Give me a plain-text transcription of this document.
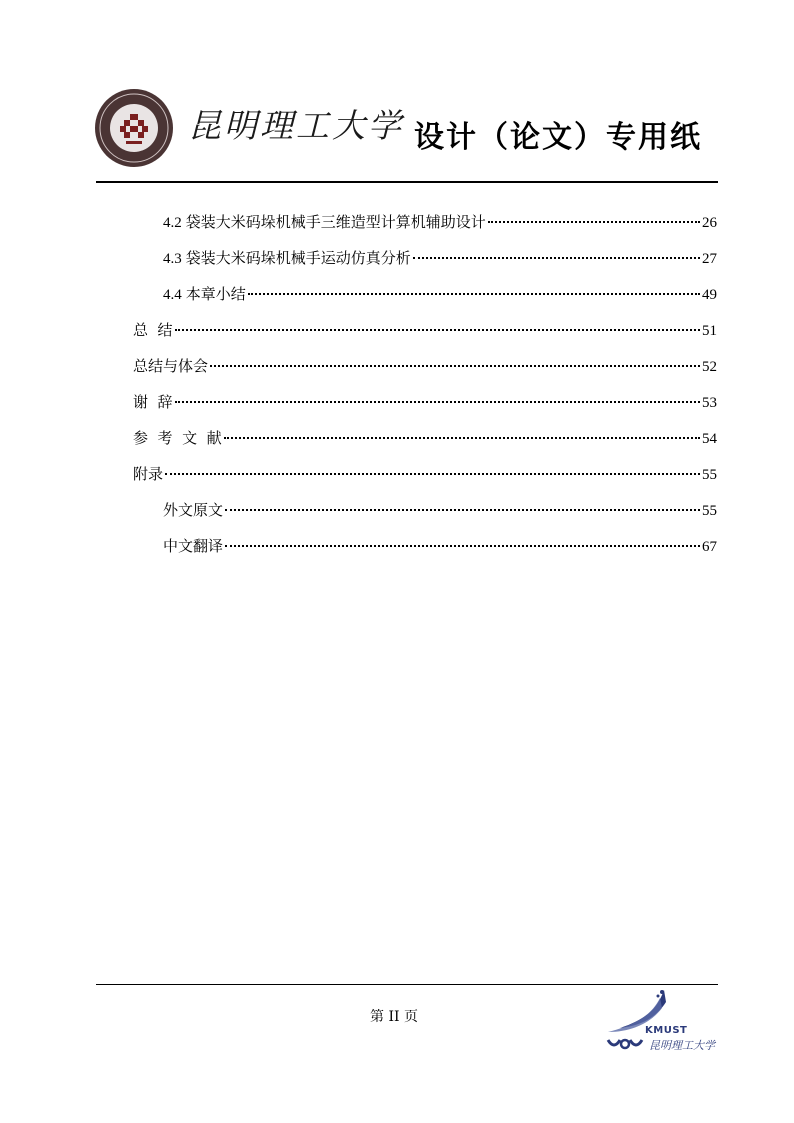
昆明理工大学 设计（论文）专用纸
4.2 袋装大米码垛机械手三维造型计算机辅助设计	26
4.3 袋装大米码垛机械手运动仿真分析	27
4.4 本章小结	49
总  结	51
总结与体会	52
谢  辞	53
参  考  文  献	54
附录	55
外文原文	55
中文翻译	67
第 II 页
KMUST
昆明理工大学
